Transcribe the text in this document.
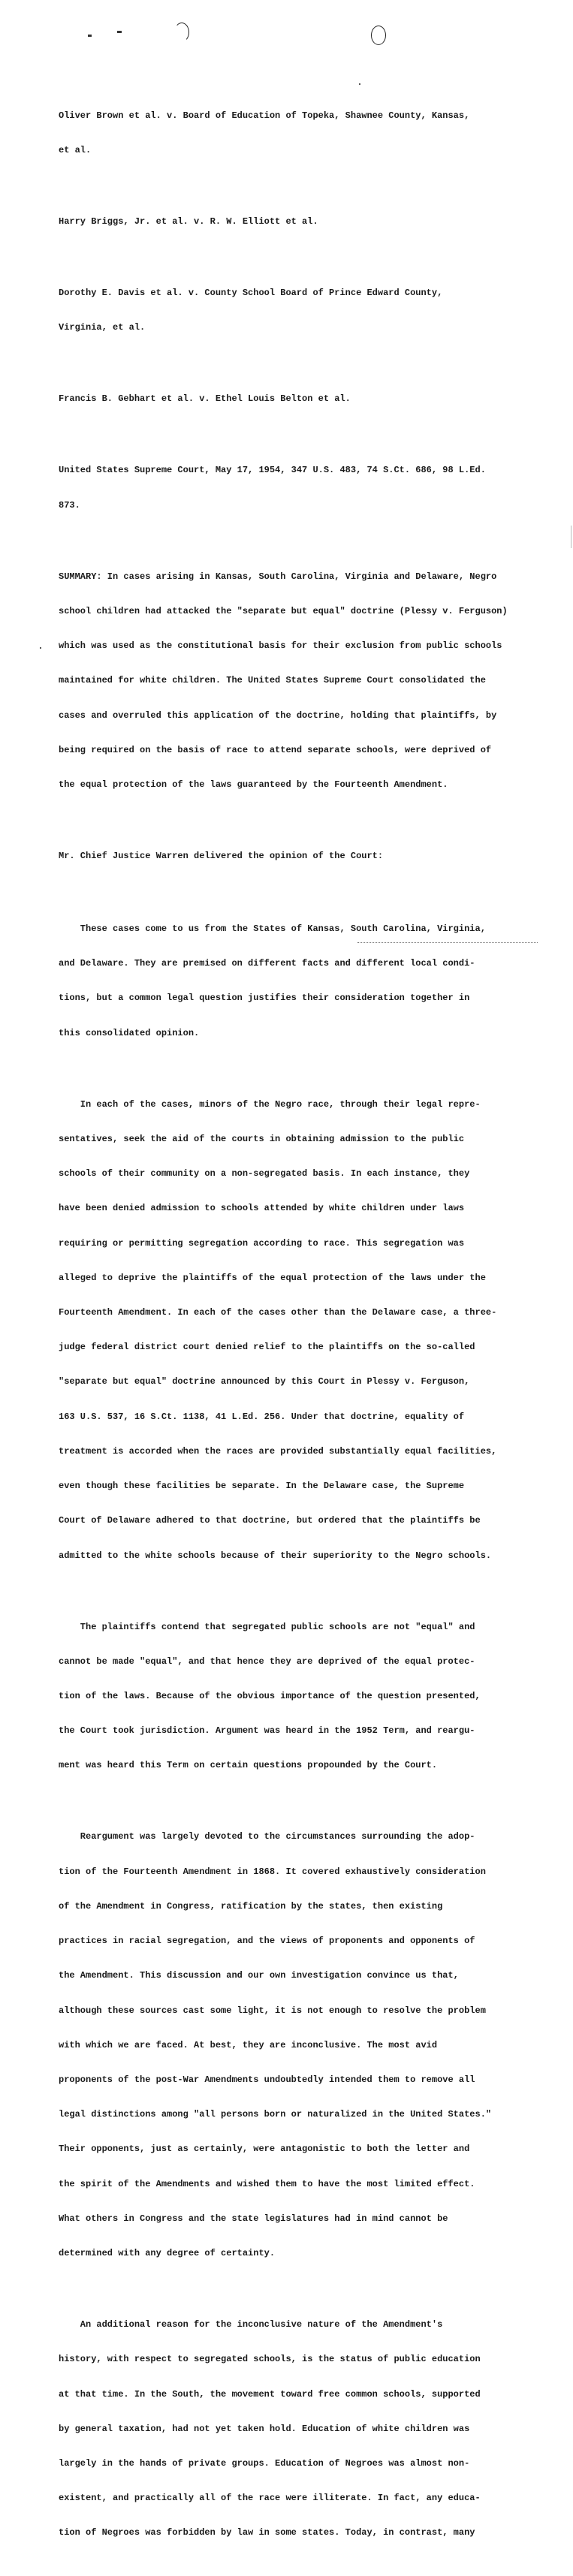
Oliver Brown et al. v. Board of Education of Topeka, Shawnee County, Kansas,

et al.

Harry Briggs, Jr. et al. v. R. W. Elliott et al.

Dorothy E. Davis et al. v. County School Board of Prince Edward County,

Virginia, et al.

Francis B. Gebhart et al. v. Ethel Louis Belton et al.

United States Supreme Court, May 17, 1954, 347 U.S. 483, 74 S.Ct. 686, 98 L.Ed.

873.

SUMMARY: In cases arising in Kansas, South Carolina, Virginia and Delaware, Negro

school children had attacked the "separate but equal" doctrine (Plessy v. Ferguson)

which was used as the constitutional basis for their exclusion from public schools

maintained for white children. The United States Supreme Court consolidated the

cases and overruled this application of the doctrine, holding that plaintiffs, by

being required on the basis of race to attend separate schools, were deprived of

the equal protection of the laws guaranteed by the Fourteenth Amendment.

Mr. Chief Justice Warren delivered the opinion of the Court:

These cases come to us from the States of Kansas, South Carolina, Virginia,

and Delaware. They are premised on different facts and different local condi-

tions, but a common legal question justifies their consideration together in

this consolidated opinion.

In each of the cases, minors of the Negro race, through their legal repre-

sentatives, seek the aid of the courts in obtaining admission to the public

schools of their community on a non-segregated basis. In each instance, they

have been denied admission to schools attended by white children under laws

requiring or permitting segregation according to race. This segregation was

alleged to deprive the plaintiffs of the equal protection of the laws under the

Fourteenth Amendment. In each of the cases other than the Delaware case, a three-

judge federal district court denied relief to the plaintiffs on the so-called

"separate but equal" doctrine announced by this Court in Plessy v. Ferguson,

163 U.S. 537, 16 S.Ct. 1138, 41 L.Ed. 256. Under that doctrine, equality of

treatment is accorded when the races are provided substantially equal facilities,

even though these facilities be separate. In the Delaware case, the Supreme

Court of Delaware adhered to that doctrine, but ordered that the plaintiffs be

admitted to the white schools because of their superiority to the Negro schools.

The plaintiffs contend that segregated public schools are not "equal" and

cannot be made "equal", and that hence they are deprived of the equal protec-

tion of the laws. Because of the obvious importance of the question presented,

the Court took jurisdiction. Argument was heard in the 1952 Term, and reargu-

ment was heard this Term on certain questions propounded by the Court.

Reargument was largely devoted to the circumstances surrounding the adop-

tion of the Fourteenth Amendment in 1868. It covered exhaustively consideration

of the Amendment in Congress, ratification by the states, then existing

practices in racial segregation, and the views of proponents and opponents of

the Amendment. This discussion and our own investigation convince us that,

although these sources cast some light, it is not enough to resolve the problem

with which we are faced. At best, they are inconclusive. The most avid

proponents of the post-War Amendments undoubtedly intended them to remove all

legal distinctions among "all persons born or naturalized in the United States."

Their opponents, just as certainly, were antagonistic to both the letter and

the spirit of the Amendments and wished them to have the most limited effect.

What others in Congress and the state legislatures had in mind cannot be

determined with any degree of certainty.

An additional reason for the inconclusive nature of the Amendment's

history, with respect to segregated schools, is the status of public education

at that time. In the South, the movement toward free common schools, supported

by general taxation, had not yet taken hold. Education of white children was

largely in the hands of private groups. Education of Negroes was almost non-

existent, and practically all of the race were illiterate. In fact, any educa-

tion of Negroes was forbidden by law in some states. Today, in contrast, many
